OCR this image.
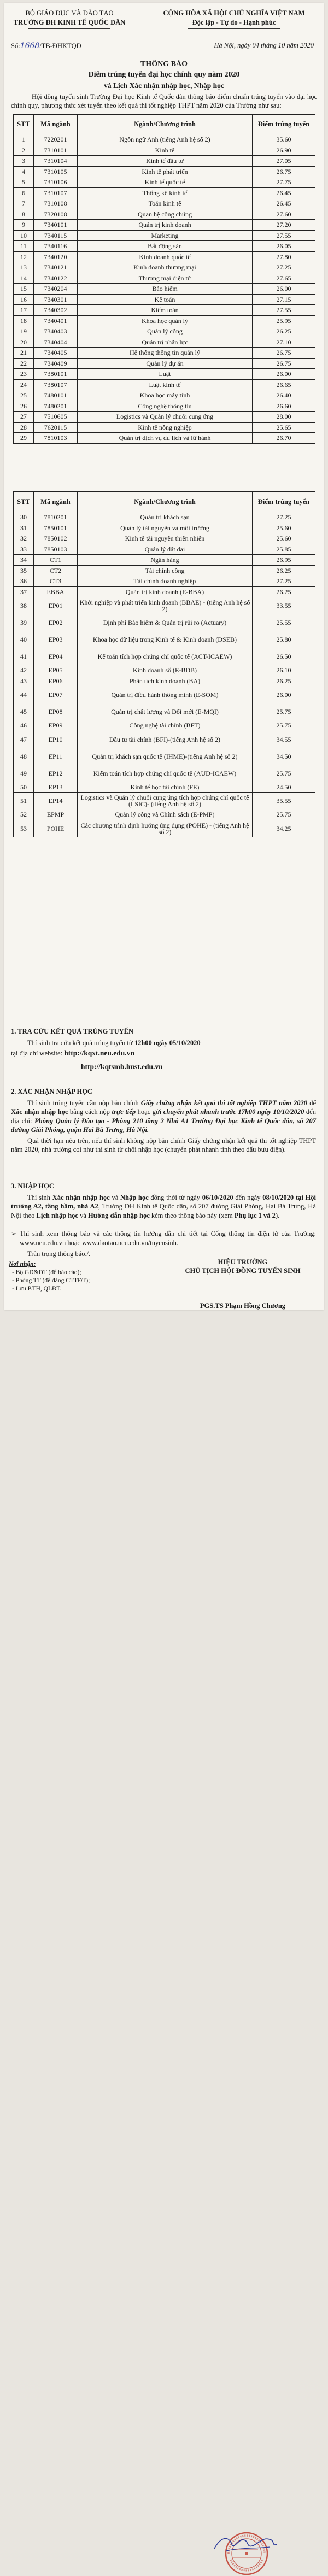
BỘ GIÁO DỤC VÀ ĐÀO TẠO
TRƯỜNG ĐH KINH TẾ QUỐC DÂN
CỘNG HÒA XÃ HỘI CHỦ NGHĨA VIỆT NAM
Độc lập - Tự do - Hạnh phúc
Số:1668/TB-ĐHKTQD	Hà Nội, ngày 04 tháng 10 năm 2020
THÔNG BÁO
Điểm trúng tuyển đại học chính quy năm 2020
và Lịch Xác nhận nhập học, Nhập học
Hội đồng tuyển sinh Trường Đại học Kinh tế Quốc dân thông báo điểm chuẩn trúng tuyển vào đại học chính quy, phương thức xét tuyển theo kết quả thi tốt nghiệp THPT năm 2020 của Trường như sau:
STT	Mã ngành	Ngành/Chương trình	Điểm trúng tuyển
1	7220201	Ngôn ngữ Anh (tiếng Anh hệ số 2)	35.60
2	7310101	Kinh tế	26.90
3	7310104	Kinh tế đầu tư	27.05
4	7310105	Kinh tế phát triển	26.75
5	7310106	Kinh tế quốc tế	27.75
6	7310107	Thống kê kinh tế	26.45
7	7310108	Toán kinh tế	26.45
8	7320108	Quan hệ công chúng	27.60
9	7340101	Quản trị kinh doanh	27.20
10	7340115	Marketing	27.55
11	7340116	Bất động sản	26.05
12	7340120	Kinh doanh quốc tế	27.80
13	7340121	Kinh doanh thương mại	27.25
14	7340122	Thương mại điện tử	27.65
15	7340204	Bảo hiểm	26.00
16	7340301	Kế toán	27.15
17	7340302	Kiểm toán	27.55
18	7340401	Khoa học quản lý	25.95
19	7340403	Quản lý công	26.25
20	7340404	Quản trị nhân lực	27.10
21	7340405	Hệ thống thông tin quản lý	26.75
22	7340409	Quản lý dự án	26.75
23	7380101	Luật	26.00
24	7380107	Luật kinh tế	26.65
25	7480101	Khoa học máy tính	26.40
26	7480201	Công nghệ thông tin	26.60
27	7510605	Logistics và Quản lý chuỗi cung ứng	28.00
28	7620115	Kinh tế nông nghiệp	25.65
29	7810103	Quản trị dịch vụ du lịch và lữ hành	26.70
STT	Mã ngành	Ngành/Chương trình	Điểm trúng tuyển
30	7810201	Quản trị khách sạn	27.25
31	7850101	Quản lý tài nguyên và môi trường	25.60
32	7850102	Kinh tế tài nguyên thiên nhiên	25.60
33	7850103	Quản lý đất đai	25.85
34	CT1	Ngân hàng	26.95
35	CT2	Tài chính công	26.25
36	CT3	Tài chính doanh nghiệp	27.25
37	EBBA	Quản trị kinh doanh (E-BBA)	26.25
38	EP01	Khởi nghiệp và phát triển kinh doanh (BBAE) - (tiếng Anh hệ số 2)	33.55
39	EP02	Định phí Bảo hiểm & Quản trị rủi ro (Actuary)	25.55
40	EP03	Khoa học dữ liệu trong Kinh tế & Kinh doanh (DSEB)	25.80
41	EP04	Kế toán tích hợp chứng chỉ quốc tế (ACT-ICAEW)	26.50
42	EP05	Kinh doanh số (E-BDB)	26.10
43	EP06	Phân tích kinh doanh (BA)	26.25
44	EP07	Quản trị điều hành thông minh (E-SOM)	26.00
45	EP08	Quản trị chất lượng và Đổi mới (E-MQI)	25.75
46	EP09	Công nghệ tài chính (BFT)	25.75
47	EP10	Đầu tư tài chính (BFI)-(tiếng Anh hệ số 2)	34.55
48	EP11	Quản trị khách sạn quốc tế (IHME)-(tiếng Anh hệ số 2)	34.50
49	EP12	Kiểm toán tích hợp chứng chỉ quốc tế (AUD-ICAEW)	25.75
50	EP13	Kinh tế học tài chính (FE)	24.50
51	EP14	Logistics và Quản lý chuỗi cung ứng tích hợp chứng chỉ quốc tế (LSIC)- (tiếng Anh hệ số 2)	35.55
52	EPMP	Quản lý công và Chính sách (E-PMP)	25.75
53	POHE	Các chương trình định hướng ứng dụng (POHE) - (tiếng Anh hệ số 2)	34.25
1. TRA CỨU KẾT QUẢ TRÚNG TUYỂN

Thí sinh tra cứu kết quả trúng tuyển từ 12h00 ngày 05/10/2020

tại địa chỉ website: http://kqxt.neu.edu.vn

http://kqtsmb.hust.edu.vn

2. XÁC NHẬN NHẬP HỌC

Thí sinh trúng tuyển cần nộp bản chính Giấy chứng nhận kết quả thi tốt nghiệp THPT năm 2020 để Xác nhận nhập học bằng cách nộp trực tiếp hoặc gửi chuyển phát nhanh trước 17h00 ngày 10/10/2020 đến địa chỉ: Phòng Quản lý Đào tạo - Phòng 210 tầng 2 Nhà A1 Trường Đại học Kinh tế Quốc dân, số 207 đường Giải Phóng, quận Hai Bà Trưng, Hà Nội.

Quá thời hạn nêu trên, nếu thí sinh không nộp bản chính Giấy chứng nhận kết quả thi tốt nghiệp THPT năm 2020, nhà trường coi như thí sinh từ chối nhập học (chuyển phát nhanh tính theo dấu bưu điện).

3. NHẬP HỌC

Thí sinh Xác nhận nhập học và Nhập học đồng thời từ ngày 06/10/2020 đến ngày 08/10/2020 tại Hội trường A2, tầng hầm, nhà A2, Trường ĐH Kinh tế Quốc dân, số 207 đường Giải Phóng, Hai Bà Trưng, Hà Nội theo Lịch nhập học và Hướng dẫn nhập học kèm theo thông báo này (xem Phụ lục 1 và 2).

➢ Thí sinh xem thông báo và các thông tin hướng dẫn chi tiết tại Cổng thông tin điện tử của Trường: www.neu.edu.vn hoặc www.daotao.neu.edu.vn/tuyensinh.

Trân trọng thông báo./.

Nơi nhận:
- Bộ GD&ĐT (để báo cáo);
- Phòng TT (để đăng CTTĐT);
- Lưu P.TH, QLĐT.
HIỆU TRƯỞNG
CHỦ TỊCH HỘI ĐỒNG TUYỂN SINH
PGS.TS Phạm Hồng Chương
